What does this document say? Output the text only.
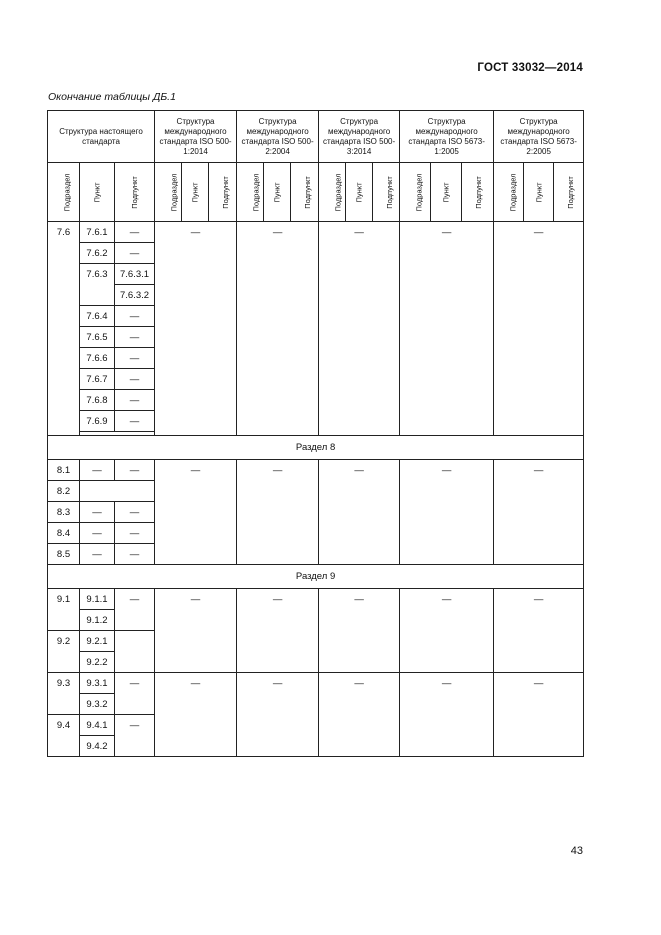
ГОСТ 33032—2014
Окончание таблицы ДБ.1
Структура настоящего стандарта			Структура международного стандарта ISO 500-1:2014			Структура международного стандарта ISO 500-2:2004			Структура международного стандарта ISO 500-3:2014			Структура международного стандарта ISO 5673-1:2005			Структура международного стандарта ISO 5673-2:2005		
Подраздел	Пункт	Подпункт	Подраздел	Пункт	Подпункт	Подраздел	Пункт	Подпункт	Подраздел	Пункт	Подпункт	Подраздел	Пункт	Подпункт	Подраздел	Пункт	Подпункт
7.6	7.6.1	—	—			—			—			—			—		
	7.6.2	—															
	7.6.3	7.6.3.1															
		7.6.3.2															
	7.6.4	—															
	7.6.5	—															
	7.6.6	—															
	7.6.7	—															
	7.6.8	—															
	7.6.9	—															

Раздел 8																	
8.1	—	—	—			—			—			—			—		
8.2																	
8.3	—	—															
8.4	—	—															
8.5	—	—															
Раздел 9																	
9.1	9.1.1	—	—			—			—			—			—		
	9.1.2																
9.2	9.2.1																
	9.2.2																
9.3	9.3.1	—	—			—			—			—			—		
	9.3.2																
9.4	9.4.1	—															
	9.4.2																
43
